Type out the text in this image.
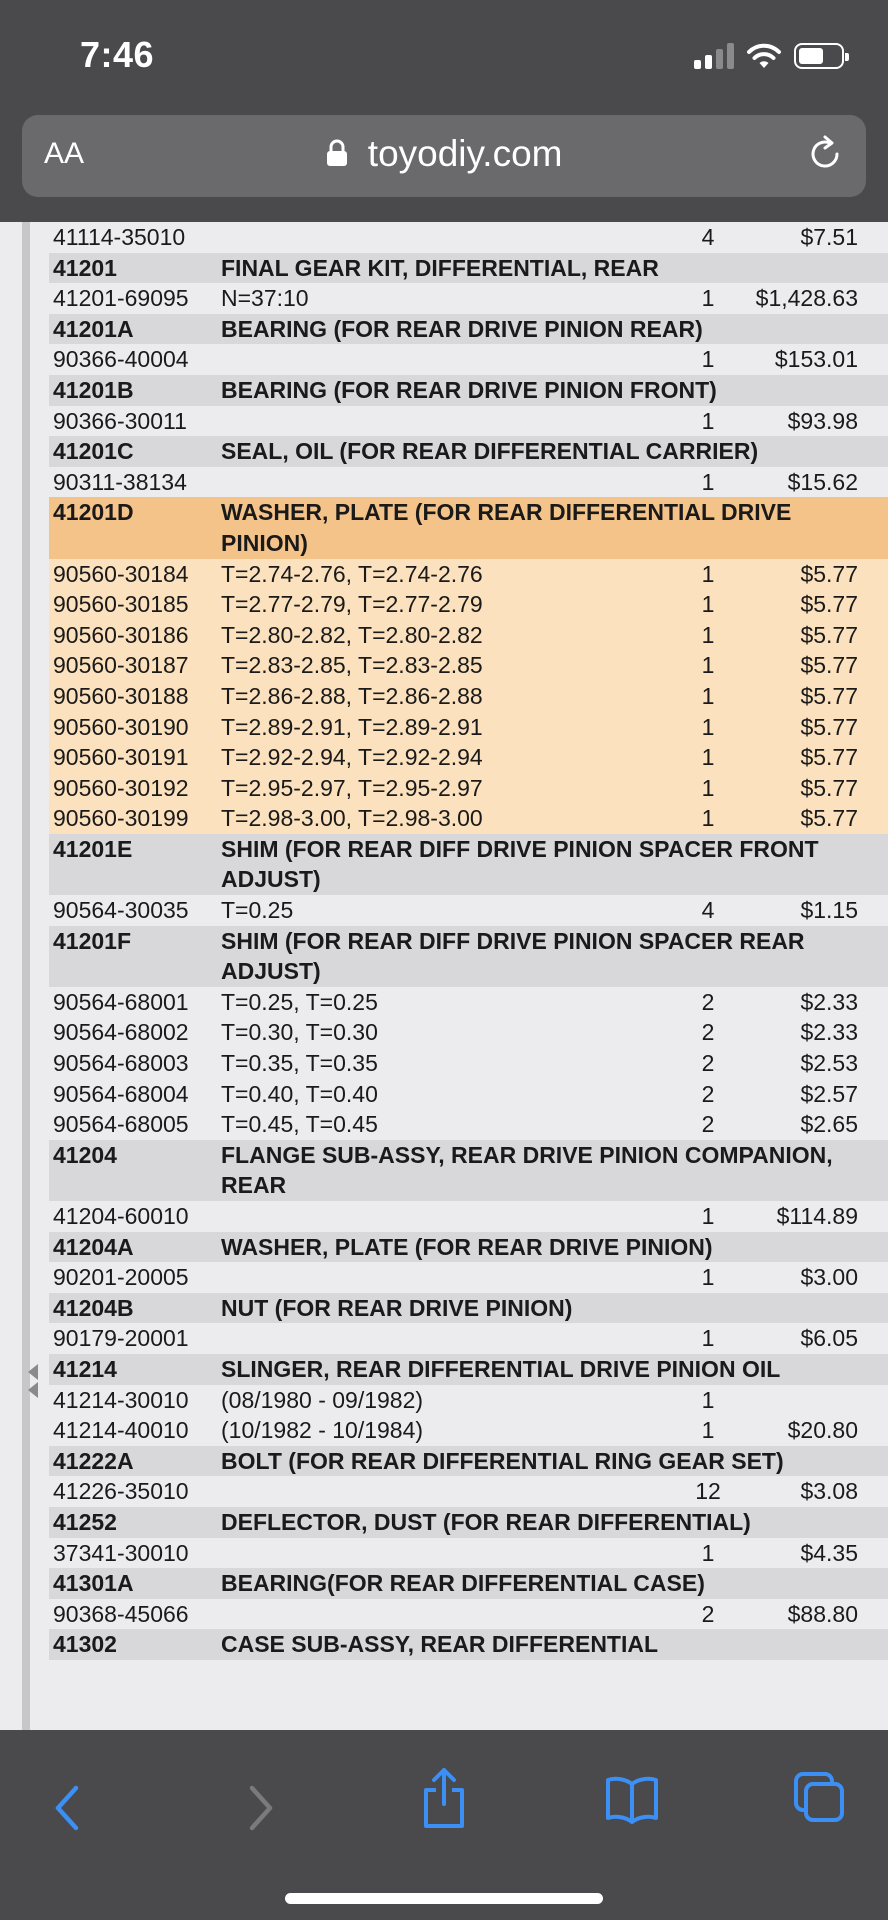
7:46
AA	toyodiy.com
41114-35010	4	$7.51
41201	FINAL GEAR KIT, DIFFERENTIAL, REAR
41201-69095	N=37:10	1	$1,428.63
41201A	BEARING (FOR REAR DRIVE PINION REAR)
90366-40004	1	$153.01
41201B	BEARING (FOR REAR DRIVE PINION FRONT)
90366-30011	1	$93.98
41201C	SEAL, OIL (FOR REAR DIFFERENTIAL CARRIER)
90311-38134	1	$15.62
41201D	WASHER, PLATE (FOR REAR DIFFERENTIAL DRIVE PINION)
90560-30184	T=2.74-2.76, T=2.74-2.76	1	$5.77
90560-30185	T=2.77-2.79, T=2.77-2.79	1	$5.77
90560-30186	T=2.80-2.82, T=2.80-2.82	1	$5.77
90560-30187	T=2.83-2.85, T=2.83-2.85	1	$5.77
90560-30188	T=2.86-2.88, T=2.86-2.88	1	$5.77
90560-30190	T=2.89-2.91, T=2.89-2.91	1	$5.77
90560-30191	T=2.92-2.94, T=2.92-2.94	1	$5.77
90560-30192	T=2.95-2.97, T=2.95-2.97	1	$5.77
90560-30199	T=2.98-3.00, T=2.98-3.00	1	$5.77
41201E	SHIM (FOR REAR DIFF DRIVE PINION SPACER FRONT ADJUST)
90564-30035	T=0.25	4	$1.15
41201F	SHIM (FOR REAR DIFF DRIVE PINION SPACER REAR ADJUST)
90564-68001	T=0.25, T=0.25	2	$2.33
90564-68002	T=0.30, T=0.30	2	$2.33
90564-68003	T=0.35, T=0.35	2	$2.53
90564-68004	T=0.40, T=0.40	2	$2.57
90564-68005	T=0.45, T=0.45	2	$2.65
41204	FLANGE SUB-ASSY, REAR DRIVE PINION COMPANION, REAR
41204-60010	1	$114.89
41204A	WASHER, PLATE (FOR REAR DRIVE PINION)
90201-20005	1	$3.00
41204B	NUT (FOR REAR DRIVE PINION)
90179-20001	1	$6.05
41214	SLINGER, REAR DIFFERENTIAL DRIVE PINION OIL
41214-30010	(08/1980 - 09/1982)	1
41214-40010	(10/1982 - 10/1984)	1	$20.80
41222A	BOLT (FOR REAR DIFFERENTIAL RING GEAR SET)
41226-35010	12	$3.08
41252	DEFLECTOR, DUST (FOR REAR DIFFERENTIAL)
37341-30010	1	$4.35
41301A	BEARING(FOR REAR DIFFERENTIAL CASE)
90368-45066	2	$88.80
41302	CASE SUB-ASSY, REAR DIFFERENTIAL
